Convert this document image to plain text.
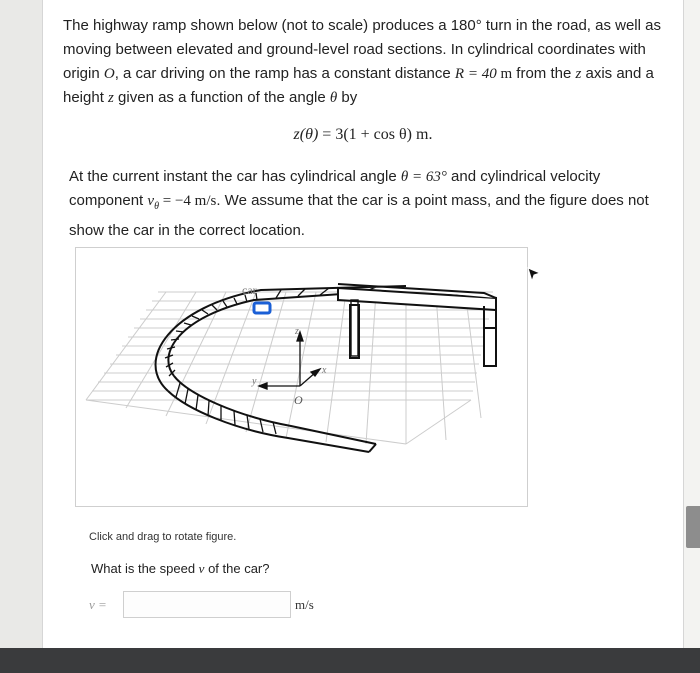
The highway ramp shown below (not to scale) produces a 180° turn in the road, as well as moving between elevated and ground-level road sections. In cylindrical coordinates with origin O, a car driving on the ramp has a constant distance R = 40 m from the z axis and a height z given as a function of the angle θ by

z(θ) = 3(1 + cos θ) m.

At the current instant the car has cylindrical angle θ = 63° and cylindrical velocity component $v_\theta = -4$ m/s. We assume that the car is a point mass, and the figure does not show the car in the correct location.

car
z
x
y
O
Click and drag to rotate figure.
What is the speed v of the car?
v =	m/s
